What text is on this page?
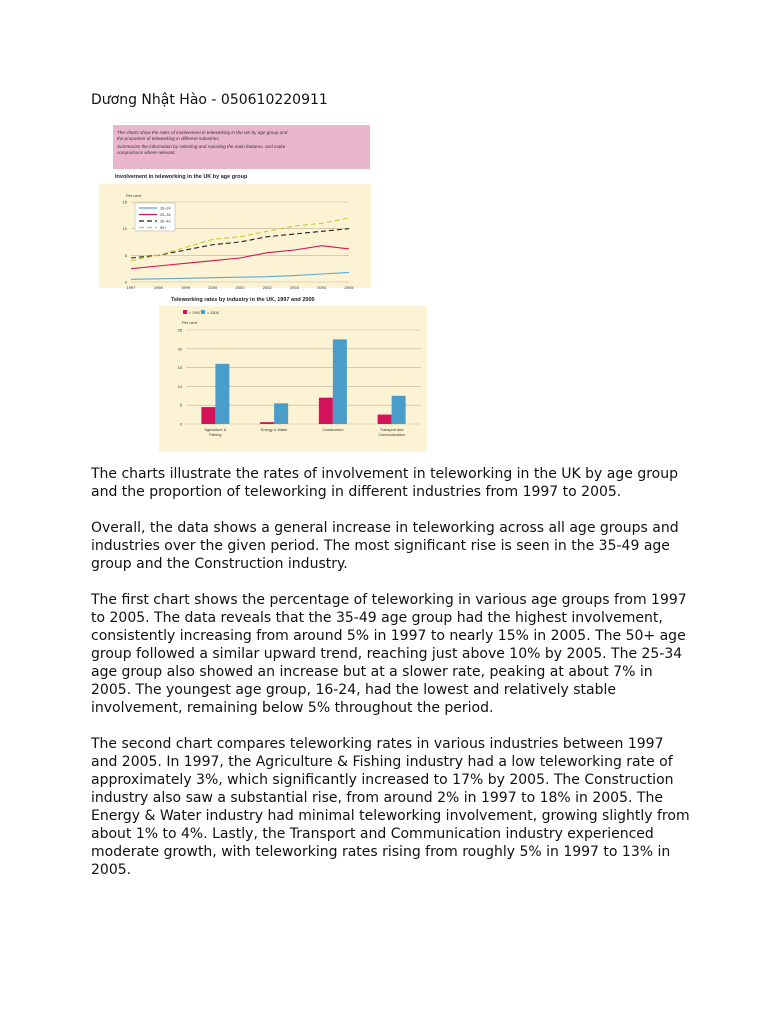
Dương Nhật Hào - 050610220911
The charts show the rates of involvement in teleworking in the UK by age group and
the proportion of teleworking in different industries.
Summarize the information by selecting and reporting the main features, and make
comparisons where relevant.
Involvement in teleworking in the UK by age group
Per cent
15
10
5
0
1997	1998	1999	2000	2001	2002	2003	2004	2005
16–24
25–34
35–49
50+
Teleworking rates by industry in the UK, 1997 and 2005
Per cent
25
20
15
10
5
0
Agriculture &
Fishing
Energy & Water	Construction	Transport and
Communication
= 1997 = 2005

The charts illustrate the rates of involvement in teleworking in the UK by age group and the proportion of teleworking in different industries from 1997 to 2005.

Overall, the data shows a general increase in teleworking across all age groups and industries over the given period. The most significant rise is seen in the 35-49 age group and the Construction industry.

The first chart shows the percentage of teleworking in various age groups from 1997 to 2005. The data reveals that the 35-49 age group had the highest involvement, consistently increasing from around 5% in 1997 to nearly 15% in 2005. The 50+ age group followed a similar upward trend, reaching just above 10% by 2005. The 25-34 age group also showed an increase but at a slower rate, peaking at about 7% in 2005. The youngest age group, 16-24, had the lowest and relatively stable involvement, remaining below 5% throughout the period.

The second chart compares teleworking rates in various industries between 1997 and 2005. In 1997, the Agriculture & Fishing industry had a low teleworking rate of approximately 3%, which significantly increased to 17% by 2005. The Construction industry also saw a substantial rise, from around 2% in 1997 to 18% in 2005. The Energy & Water industry had minimal teleworking involvement, growing slightly from about 1% to 4%. Lastly, the Transport and Communication industry experienced moderate growth, with teleworking rates rising from roughly 5% in 1997 to 13% in 2005.
